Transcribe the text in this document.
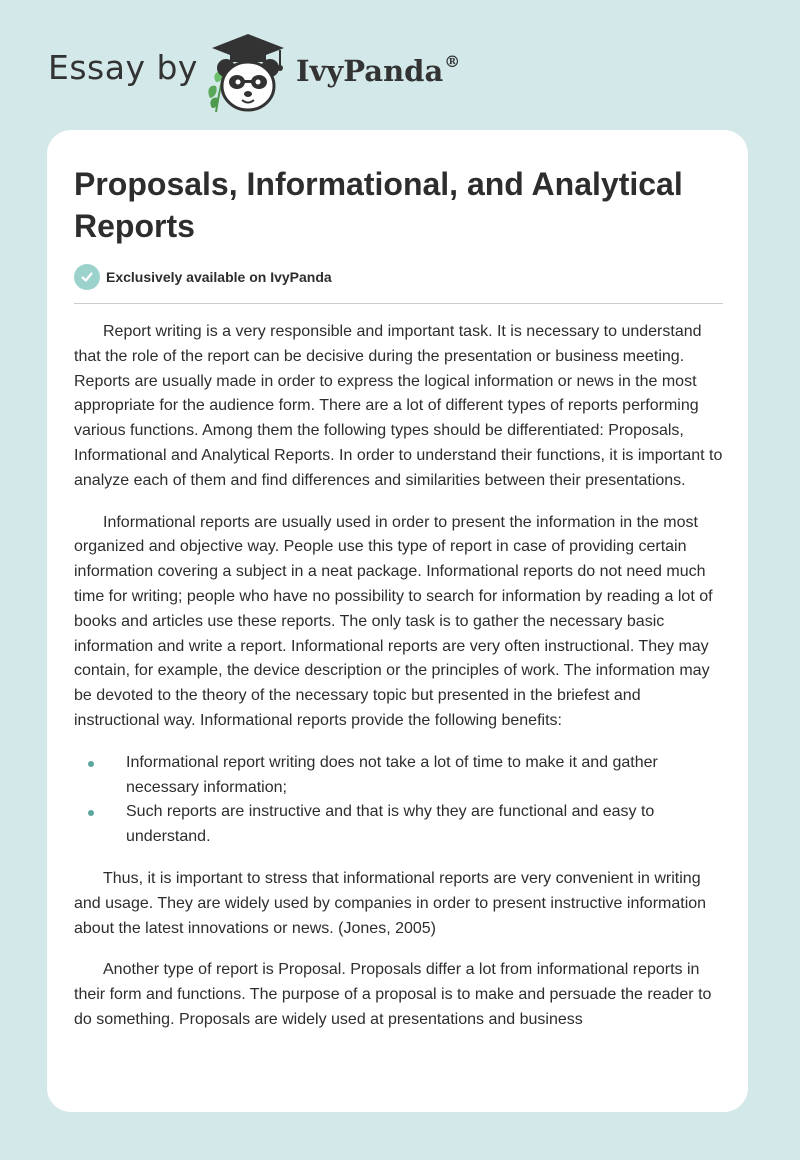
Essay by	IvyPanda®
Proposals, Informational, and Analytical Reports
Exclusively available on IvyPanda

Report writing is a very responsible and important task. It is necessary to understand that the role of the report can be decisive during the presentation or business meeting. Reports are usually made in order to express the logical information or news in the most appropriate for the audience form. There are a lot of different types of reports performing various functions. Among them the following types should be differentiated: Proposals, Informational and Analytical Reports. In order to understand their functions, it is important to analyze each of them and find differences and similarities between their presentations.

Informational reports are usually used in order to present the information in the most organized and objective way. People use this type of report in case of providing certain information covering a subject in a neat package. Informational reports do not need much time for writing; people who have no possibility to search for information by reading a lot of books and articles use these reports. The only task is to gather the necessary basic information and write a report. Informational reports are very often instructional. They may contain, for example, the device description or the principles of work. The information may be devoted to the theory of the necessary topic but presented in the briefest and instructional way. Informational reports provide the following benefits:

Informational report writing does not take a lot of time to make it and gather necessary information;
Such reports are instructive and that is why they are functional and easy to understand.

Thus, it is important to stress that informational reports are very convenient in writing and usage. They are widely used by companies in order to present instructive information about the latest innovations or news. (Jones, 2005)

Another type of report is Proposal. Proposals differ a lot from informational reports in their form and functions. The purpose of a proposal is to make and persuade the reader to do something. Proposals are widely used at presentations and business
